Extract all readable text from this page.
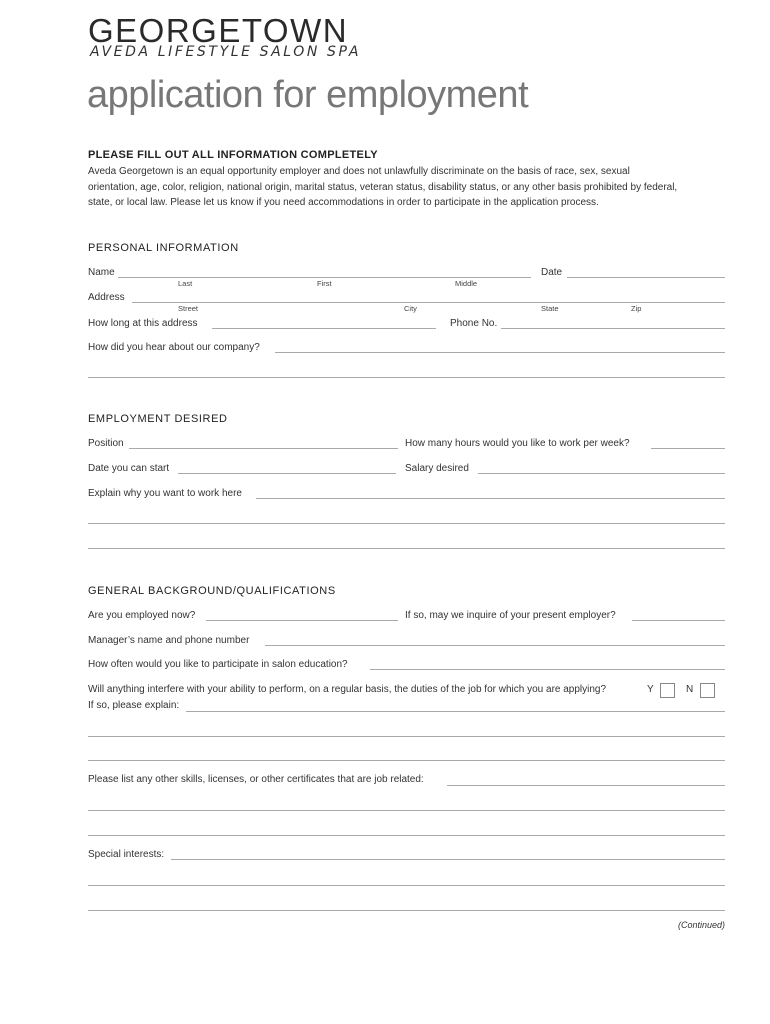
GEORGETOWN
AVEDA LIFESTYLE SALON SPA
application for employment
PLEASE FILL OUT ALL INFORMATION COMPLETELY
Aveda Georgetown is an equal opportunity employer and does not unlawfully discriminate on the basis of race, sex, sexual orientation, age, color, religion, national origin, marital status, veteran status, disability status, or any other basis prohibited by federal, state, or local law. Please let us know if you need accommodations in order to participate in the application process.
PERSONAL INFORMATION
Name	Date
Last	First	Middle
Address
Street	City	State	Zip
How long at this address	Phone No.
How did you hear about our company?
EMPLOYMENT DESIRED
Position	How many hours would you like to work per week?
Date you can start	Salary desired
Explain why you want to work here
GENERAL BACKGROUND/QUALIFICATIONS
Are you employed now?	If so, may we inquire of your present employer?
Manager’s name and phone number
How often would you like to participate in salon education?
Will anything interfere with your ability to perform, on a regular basis, the duties of the job for which you are applying?	Y	N
If so, please explain:
Please list any other skills, licenses, or other certificates that are job related:
Special interests:
(Continued)
